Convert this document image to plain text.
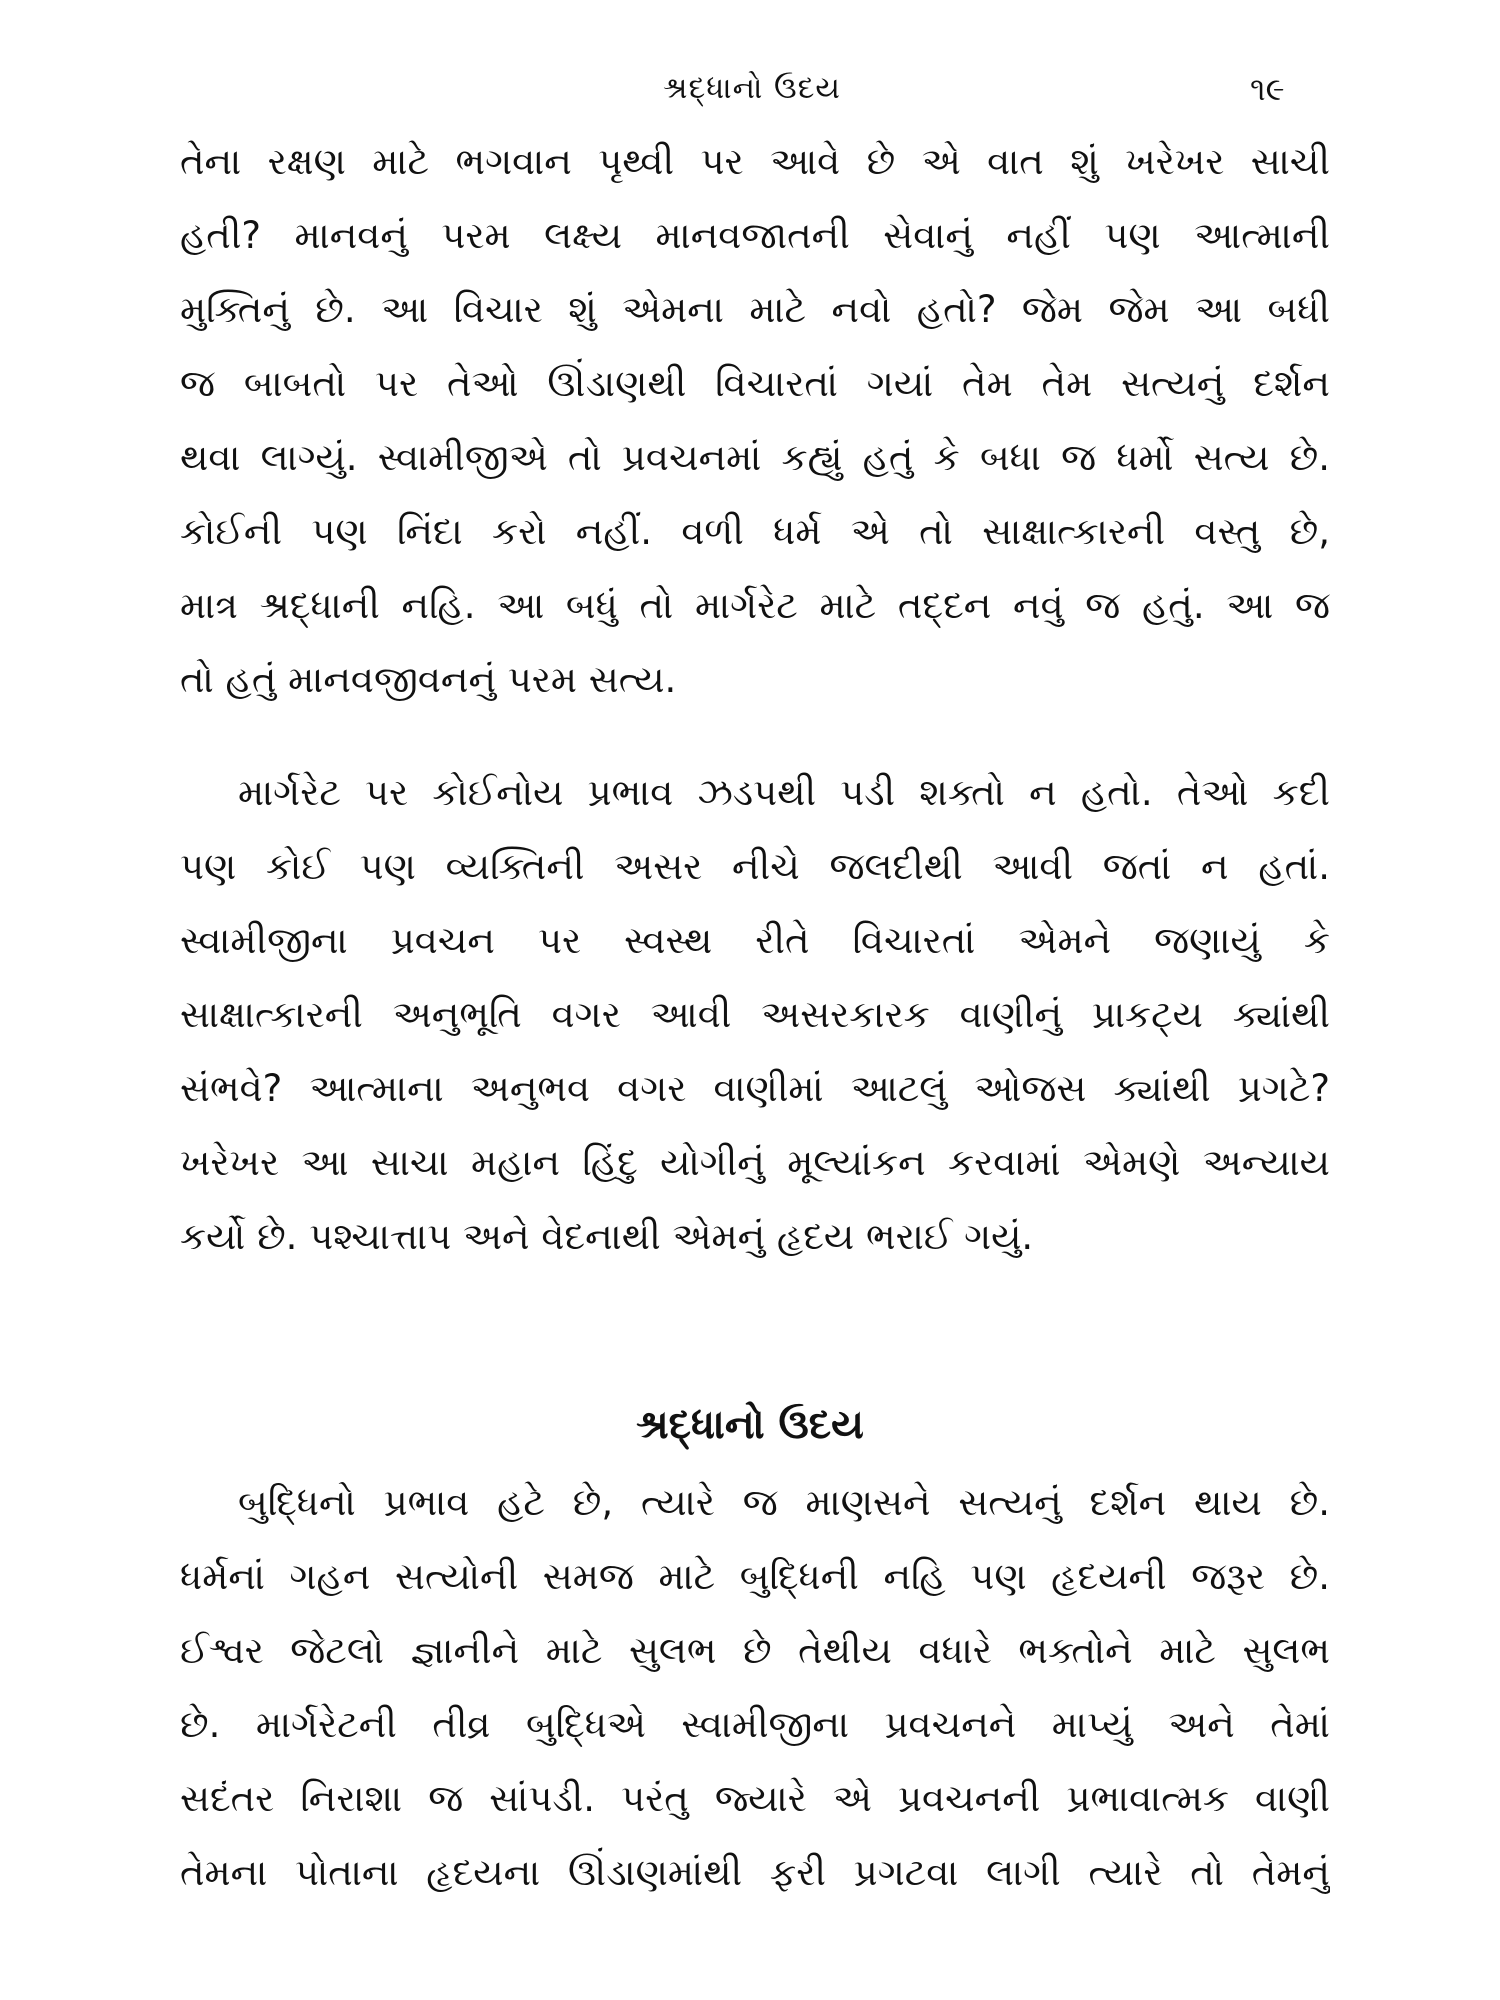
શ્રદ્ધાનો ઉદય	૧૯
તેના રક્ષણ માટે ભગવાન પૃથ્વી પર આવે છે એ વાત શું ખરેખર સાચી
હતી? માનવનું પરમ લક્ષ્ય માનવજાતની સેવાનું નહીં પણ આત્માની
મુક્તિનું છે. આ વિચાર શું એમના માટે નવો હતો? જેમ જેમ આ બધી
જ બાબતો પર તેઓ ઊંડાણથી વિચારતાં ગયાં તેમ તેમ સત્યનું દર્શન
થવા લાગ્યું. સ્વામીજીએ તો પ્રવચનમાં કહ્યું હતું કે બધા જ ધર્મો સત્ય છે.
કોઈની પણ નિંદા કરો નહીં. વળી ધર્મ એ તો સાક્ષાત્કારની વસ્તુ છે,
માત્ર શ્રદ્ધાની નહિ. આ બધું તો માર્ગરેટ માટે તદ્દન નવું જ હતું. આ જ
તો હતું માનવજીવનનું પરમ સત્ય.
માર્ગરેટ પર કોઈનોય પ્રભાવ ઝડપથી પડી શક્તો ન હતો. તેઓ કદી
પણ કોઈ પણ વ્યક્તિની અસર નીચે જલદીથી આવી જતાં ન હતાં.
સ્વામીજીના પ્રવચન પર સ્વસ્થ રીતે વિચારતાં એમને જણાયું કે
સાક્ષાત્કારની અનુભૂતિ વગર આવી અસરકારક વાણીનું પ્રાકટ્ય ક્યાંથી
સંભવે? આત્માના અનુભવ વગર વાણીમાં આટલું ઓજસ ક્યાંથી પ્રગટે?
ખરેખર આ સાચા મહાન હિંદુ યોગીનું મૂલ્યાંકન કરવામાં એમણે અન્યાય
કર્યો છે. પશ્ચાત્તાપ અને વેદનાથી એમનું હૃદય ભરાઈ ગયું.
શ્રદ્ધાનો ઉદય
બુદ્ધિનો પ્રભાવ હટે છે, ત્યારે જ માણસને સત્યનું દર્શન થાય છે.
ધર્મનાં ગહન સત્યોની સમજ માટે બુદ્ધિની નહિ પણ હૃદયની જરૂર છે.
ઈશ્વર જેટલો જ્ઞાનીને માટે સુલભ છે તેથીય વધારે ભક્તોને માટે સુલભ
છે. માર્ગરેટની તીવ્ર બુદ્ધિએ સ્વામીજીના પ્રવચનને માપ્યું અને તેમાં
સદંતર નિરાશા જ સાંપડી. પરંતુ જ્યારે એ પ્રવચનની પ્રભાવાત્મક વાણી
તેમના પોતાના હૃદયના ઊંડાણમાંથી ફરી પ્રગટવા લાગી ત્યારે તો તેમનું
